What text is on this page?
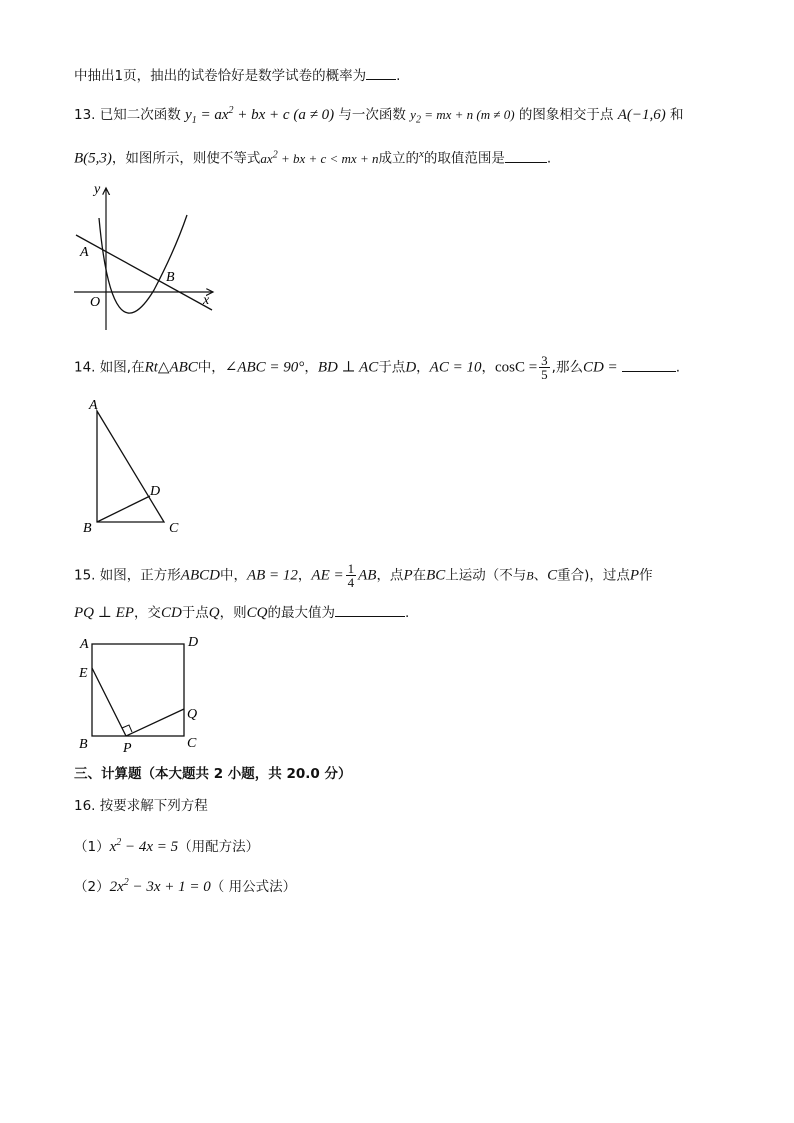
中抽出1页，抽出的试卷恰好是数学试卷的概率为 .
13. 已知二次函数 $y_1 = ax^2$ + bx + c (a ≠ 0) 与一次函数 $y_2$ = mx + n (m ≠ 0) 的图象相交于点 A(−1,6) 和
B(5,3)，如图所示，则使不等式$ax^2$ + bx + c < mx + n成立的$^x$的取值范围是	.
y
x
A
B
O
14. 如图,在Rt△ABC中，∠ABC = 90°，BD ⊥ AC于点D，AC = 10，$\cos C = \frac{3}{5}$ ,那么CD =	.
A
B	C
D
15. 如图，正方形ABCD中，AB = 12，AE = $\frac{1}{4}$ AB，点P在BC上运动（不与B、C重合)，过点P作
PQ ⊥ EP，交CD于点Q，则CQ的最大值为	.
A	D
E
Q
B	P	C
三、计算题（本大题共 2 小题，共 20.0 分）
16. 按要求解下列方程
$(1)x^2 - 4x = 5$（用配方法）
$(2)2x^2 - 3x + 1 = 0$（ 用公式法）
